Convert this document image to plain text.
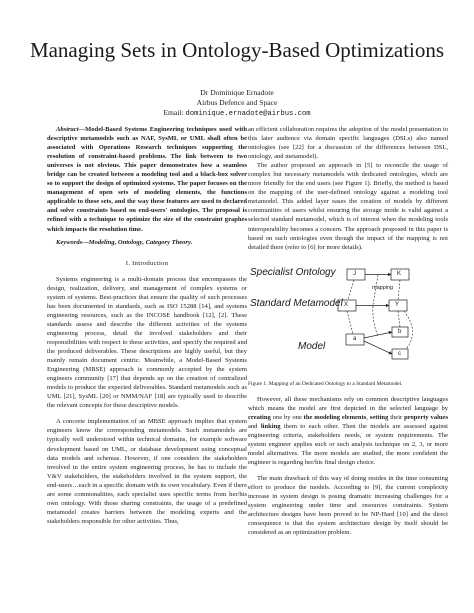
Managing Sets in Ontology-Based Optimizations
Dr Dominique Ernadote
Airbus Defence and Space
Email: dominique.ernadote@airbus.com

Abstract—Model-Based Systems Engineering techniques used with descriptive metamodels such as NAF, SysML or UML shall often be associated with Operations Research techniques supporting the resolution of constraint-based problems. The link between to two universes is not obvious. This paper demonstrates how a seamless bridge can be created between a modeling tool and a black-box solver so to support the design of optimized systems. The paper focuses on the management of open sets of modeling elements, the functions applicable to those sets, and the way these features are used to declared and solve constraints based on end-users' ontologies. The proposal is refined with a technique to optimize the size of the constraint graphes which impacts the resolution time.

Keywords—Modeling, Ontology, Category Theory.

I. Introduction

Systems engineering is a multi-domain process that encompasses the design, realization, delivery, and management of complex systems or system of systems. Best-practices that ensure the quality of such processes has been documented in standards, such as ISO 15288 [14], and systems engineering resources, such as the INCOSE handbook [12], [2]. These standards assess and describe the different activities of the systems engineering process, detail the involved stakeholders and their responsibilities with respect to these activities, and specify the required and the produced deliverables. These descriptions are highly useful, but they mainly remain document centric. Meanwhile, a Model-Based Systems Engineering (MBSE) approach is commonly accepted by the system engineers community [17] that depends up on the creation of centralized models to produce the expected deliverables. Standard metamodels such as UML [21], SysML [20] or NMM/NAF [18] are typically used to describe the relevant concepts for these descriptive models.

A concrete implementation of an MBSE approach implies that system engineers know the corresponding metamodels. Such metamodels are typically well understood within technical domains, for example software development based on UML, or database development using conceptual data models and schemas. However, if one considers the stakeholders involved in the entire system engineering process, he has to include the V&V stakeholders, the stakeholders involved in the system support, the end-users…each in a specific domain with its own vocabulary. Even if there are some commonalities, each specialist uses specific terms from her/his own ontology. With those sharing constraints, the usage of a predefined metamodel creates barriers between the modeling experts and the stakeholders responsible for other activities. Thus,

an efficient collaboration requires the adoption of the model presentation to this later audience via domain specific languages (DSLs) also named ontologies (see [22] for a discussion of the differences between DSL, ontology, and metamodel).

The author proposed an approach in [5] to reconcile the usage of complex but necessary metamodels with dedicated ontologies, which are more friendly for the end users (see Figure 1). Briefly, the method is based on the mapping of the user-defined ontology against a modeling tool metamodel. This added layer eases the creation of models by different communities of users whilst ensuring the storage mode is valid against a selected standard metamodel, which is of interest when the modeling tools interoperability becomes a concern. The approach proposed in this paper is based on such ontologies even though the impact of the mapping is not detailed there (refer to [6] for more details).

Specialist Ontology
Standard Metamodel
Model
J	K
X	Y
a
b
c
mapping

Figure 1. Mapping of an Dedicated Ontology to a Standard Metamodel.

However, all these mechanisms rely on common descriptive languages which means the model are first depicted in the selected language by creating one by one the modeling elements, setting their property values and linking them to each other. Then the models are assessed against engineering criteria, stakeholders needs, or system requirements. The system engineer applies such or such analysis technique on 2, 3, or more model alternatives. The more models are studied, the more confident the engineer is regarding her/his final design choice.

The main drawback of this way of doing resides in the time consuming effort to produce the models. According to [9], the current complexity increase in system design is posing dramatic increasing challenges for a system engineering under time and resources constraints. System architecture designs have been proved to be NP-Hard [10] and the direct consequence is that the system architecture design by itself should be considered as an optimization problem.
